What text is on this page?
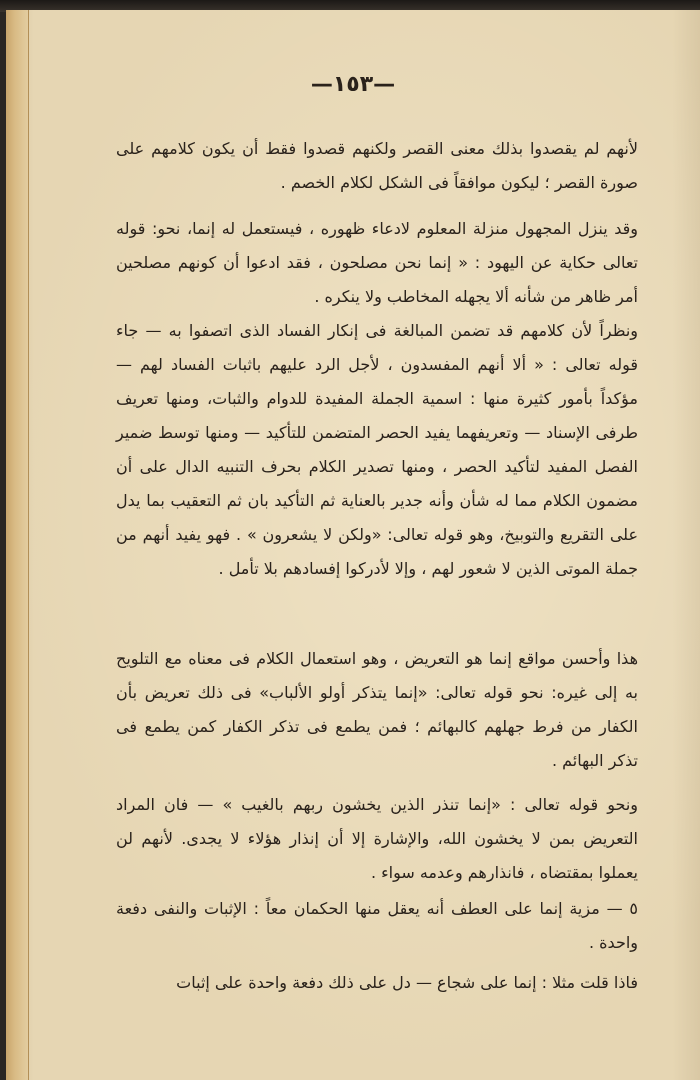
—١٥٣—

لأنهم لم يقصدوا بذلك معنى القصر ولكنهم قصدوا فقط أن يكون كلامهم على صورة القصر ؛ ليكون موافقاً فى الشكل لكلام الخصم .

وقد ينزل المجهول منزلة المعلوم لادعاء ظهوره ، فيستعمل له إنما، نحو: قوله تعالى حكاية عن اليهود : « إنما نحن مصلحون ، فقد ادعوا أن كونهم مصلحين أمر ظاهر من شأنه ألا يجهله المخاطب ولا ينكره .

ونظراً لأن كلامهم قد تضمن المبالغة فى إنكار الفساد الذى اتصفوا به — جاء قوله تعالى : « ألا أنهم المفسدون ، لأجل الرد عليهم باثبات الفساد لهم — مؤكداً بأمور كثيرة منها : اسمية الجملة المفيدة للدوام والثبات، ومنها تعريف طرفى الإسناد — وتعريفهما يفيد الحصر المتضمن للتأكيد — ومنها توسط ضمير الفصل المفيد لتأكيد الحصر ، ومنها تصدير الكلام بحرف التنبيه الدال على أن مضمون الكلام مما له شأن وأنه جدير بالعناية ثم التأكيد بان ثم التعقيب بما يدل على التقريع والتوبيخ، وهو قوله تعالى: «ولكن لا يشعرون » . فهو يفيد أنهم من جملة الموتى الذين لا شعور لهم ، وإلا لأدركوا إفسادهم بلا تأمل .

هذا وأحسن مواقع إنما هو التعريض ، وهو استعمال الكلام فى معناه مع التلويح به إلى غيره: نحو قوله تعالى: «إنما يتذكر أولو الألباب» فى ذلك تعريض بأن الكفار من فرط جهلهم كالبهائم ؛ فمن يطمع فى تذكر الكفار كمن يطمع فى تذكر البهائم .

ونحو قوله تعالى : «إنما تنذر الذين يخشون ربهم بالغيب » — فان المراد التعريض بمن لا يخشون الله، والإشارة إلا أن إنذار هؤلاء لا يجدى. لأنهم لن يعملوا بمقتضاه ، فانذارهم وعدمه سواء .

٥ — مزية إنما على العطف أنه يعقل منها الحكمان معاً : الإثبات والنفى دفعة واحدة .

فاذا قلت مثلا : إنما على شجاع — دل على ذلك دفعة واحدة على إثبات
